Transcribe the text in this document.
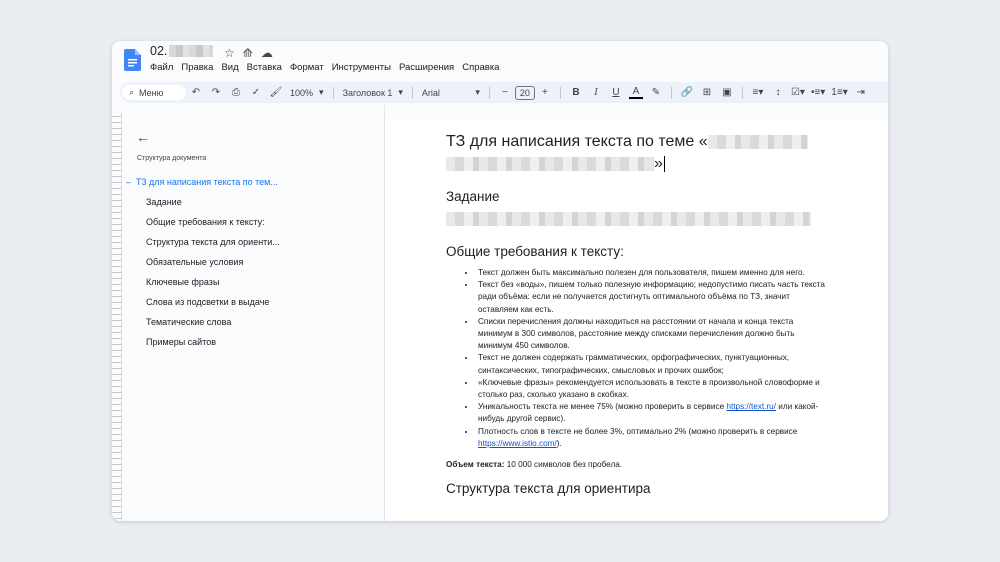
02.	☆ ⟰ ☁
Файл Правка Вид Вставка Формат Инструменты Расширения Справка
⌕ Меню	↶ ↷	⎙	✓ 🖌 100% ▾ Заголовок 1 ▾ Arial	▾	−	20	+	B	I	U	A	✎ 🔗 ⊞ ▣ ≡▾	↕	☑▾ •≡▾ 1≡▾ ⇥
←
Структура документа
– Т3 для написания текста по тем...
Задание
Общие требования к тексту:
Структура текста для ориенти...
Обязательные условия
Ключевые фразы
Слова из подсветки в выдаче
Тематические слова
Примеры сайтов
ТЗ для написания текста по теме «
»
Задание
Общие требования к тексту:
• Текст должен быть максимально полезен для пользователя, пишем именно для него.
• Текст без «воды», пишем только полезную информацию; недопустимо писать часть текста ради объёма: если не получается достигнуть оптимального объёма по ТЗ, значит оставляем как есть.
• Списки перечисления должны находиться на расстоянии от начала и конца текста минимум в 300 символов, расстояние между списками перечисления должно быть минимум 450 символов.
• Текст не должен содержать грамматических, орфографических, пунктуационных, синтаксических, типографических, смысловых и прочих ошибок;
• «Ключевые фразы» рекомендуется использовать в тексте в произвольной словоформе и столько раз, сколько указано в скобках.
• Уникальность текста не менее 75% (можно проверить в сервисе https://text.ru/ или какой-нибудь другой сервис).
• Плотность слов в тексте не более 3%, оптимально 2% (можно проверить в сервисе https://www.istio.com/).
Объем текста: 10 000 символов без пробела.
Структура текста для ориентира
